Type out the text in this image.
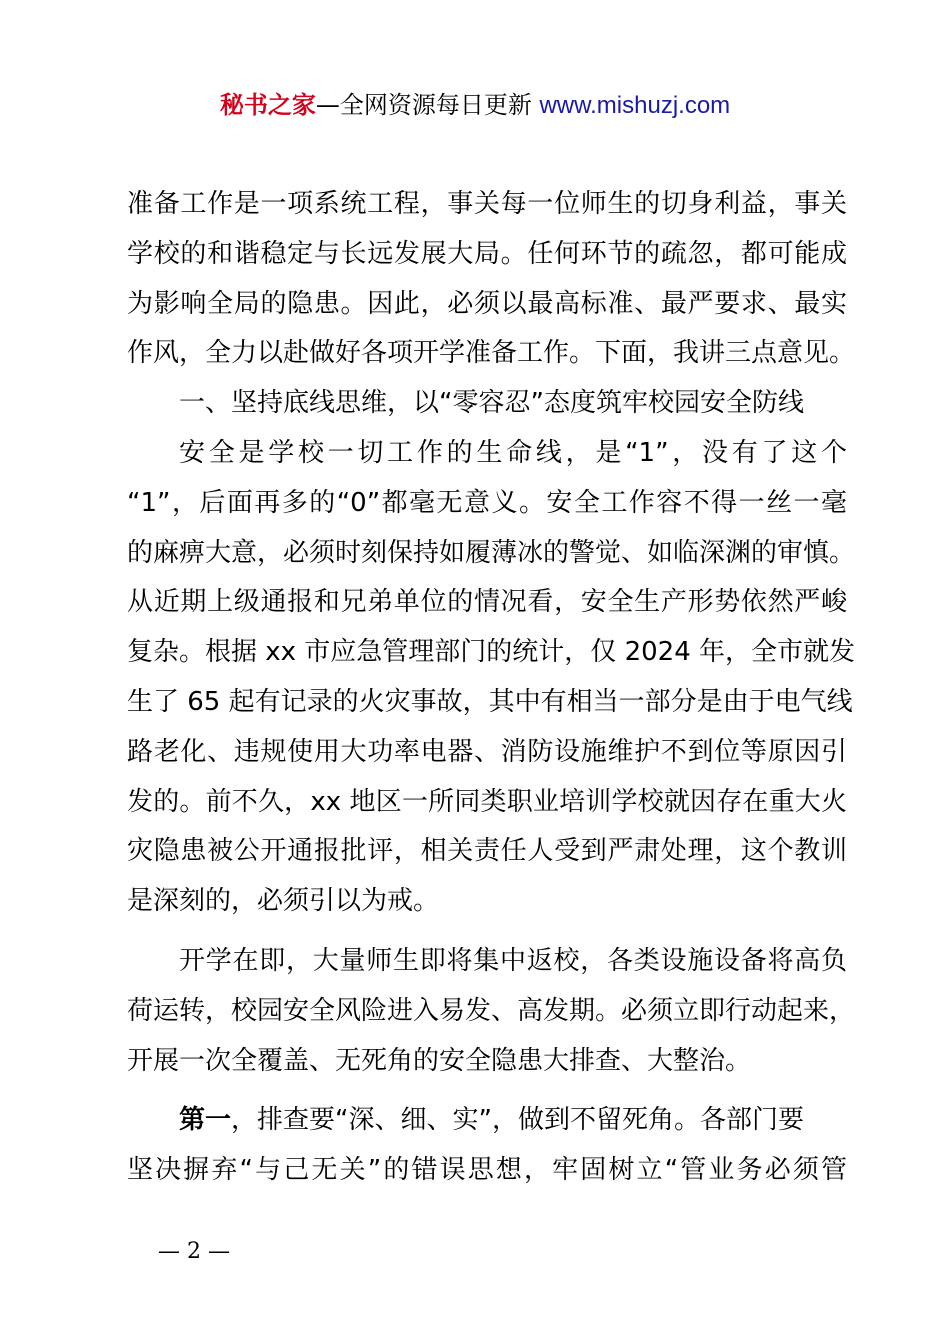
秘书之家—全网资源每日更新 www.mishuzj.com
准备工作是一项系统工程，事关每一位师生的切身利益，事关
学校的和谐稳定与长远发展大局。任何环节的疏忽，都可能成
为影响全局的隐患。因此，必须以最高标准、最严要求、最实
作风，全力以赴做好各项开学准备工作。下面，我讲三点意见。
一、坚持底线思维，以“零容忍”态度筑牢校园安全防线
安全是学校一切工作的生命线，是“1”，没有了这个
“1”，后面再多的“0”都毫无意义。安全工作容不得一丝一毫
的麻痹大意，必须时刻保持如履薄冰的警觉、如临深渊的审慎。
从近期上级通报和兄弟单位的情况看，安全生产形势依然严峻
复杂。根据 xx 市应急管理部门的统计，仅 2024 年，全市就发
生了 65 起有记录的火灾事故，其中有相当一部分是由于电气线
路老化、违规使用大功率电器、消防设施维护不到位等原因引
发的。前不久，xx 地区一所同类职业培训学校就因存在重大火
灾隐患被公开通报批评，相关责任人受到严肃处理，这个教训
是深刻的，必须引以为戒。
开学在即，大量师生即将集中返校，各类设施设备将高负
荷运转，校园安全风险进入易发、高发期。必须立即行动起来，
开展一次全覆盖、无死角的安全隐患大排查、大整治。
第一，排查要“深、细、实”，做到不留死角。各部门要
坚决摒弃“与己无关”的错误思想，牢固树立“管业务必须管
— 2 —
